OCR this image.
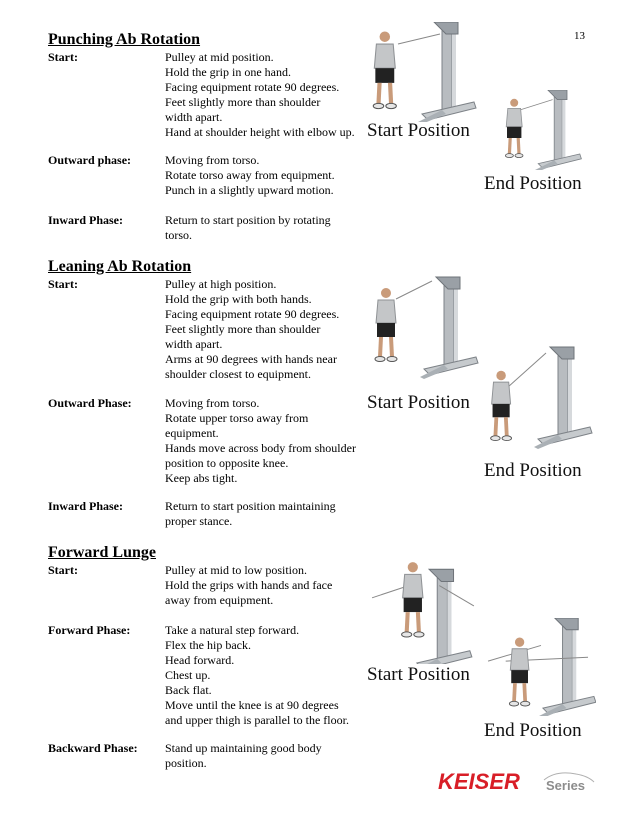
13
Punching Ab Rotation
Start:	Pulley at mid position.
Hold the grip in one hand.
Facing equipment rotate 90 degrees.
Feet slightly more than shoulder
width apart.
Hand at shoulder height with elbow up.
Outward phase:	Moving from torso.
Rotate torso away from equipment.
Punch in a slightly upward motion.
Inward Phase:	Return to start position by rotating
torso.
Start Position
End Position
Leaning Ab Rotation
Start:	Pulley at high position.
Hold the grip with both hands.
Facing equipment rotate 90 degrees.
Feet slightly more than shoulder
width apart.
Arms at 90 degrees with hands near
shoulder closest to equipment.
Outward Phase:	Moving from torso.
Rotate upper torso away from
equipment.
Hands move across body from shoulder
position to opposite knee.
Keep abs tight.
Inward Phase:	Return to start position maintaining
proper stance.
Start Position
End Position
Forward Lunge
Start:	Pulley at mid to low position.
Hold the grips with hands and face
away from equipment.
Forward Phase:	Take a natural step forward.
Flex the hip back.
Head forward.
Chest up.
Back flat.
Move until the knee is at 90 degrees
and upper thigh is parallel to the floor.
Backward Phase: Stand up maintaining good body
position.
Start Position
End Position
KEISER Series
